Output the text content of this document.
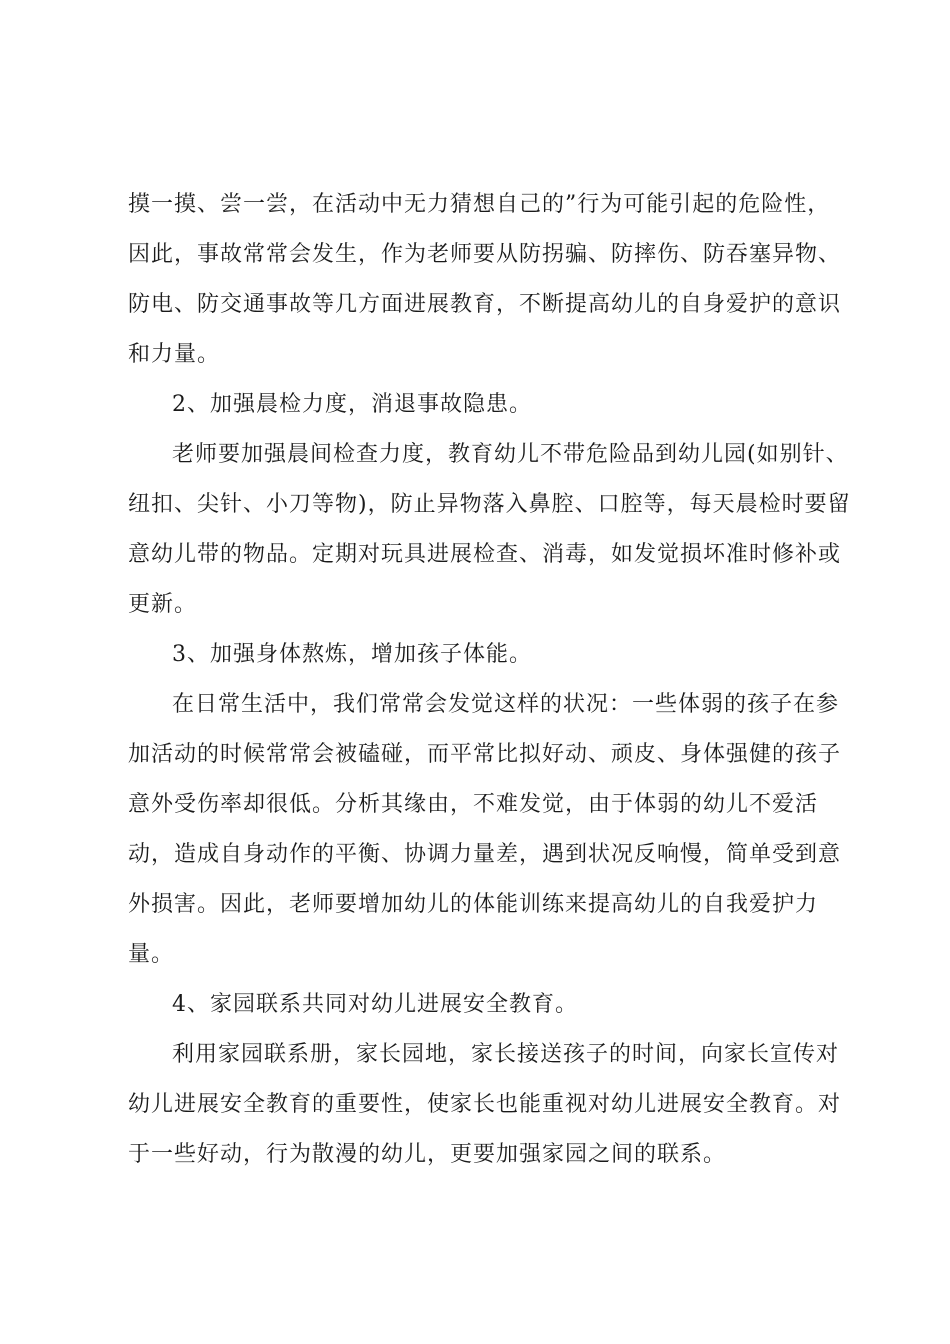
摸一摸、尝一尝，在活动中无力猜想自己的”行为可能引起的危险性，
因此，事故常常会发生，作为老师要从防拐骗、防摔伤、防吞塞异物、
防电、防交通事故等几方面进展教育，不断提高幼儿的自身爱护的意识
和力量。
2、加强晨检力度，消退事故隐患。
老师要加强晨间检查力度，教育幼儿不带危险品到幼儿园(如别针、
纽扣、尖针、小刀等物)，防止异物落入鼻腔、口腔等，每天晨检时要留
意幼儿带的物品。定期对玩具进展检查、消毒，如发觉损坏准时修补或
更新。
3、加强身体熬炼，增加孩子体能。
在日常生活中，我们常常会发觉这样的状况：一些体弱的孩子在参
加活动的时候常常会被磕碰，而平常比拟好动、顽皮、身体强健的孩子
意外受伤率却很低。分析其缘由，不难发觉，由于体弱的幼儿不爱活
动，造成自身动作的平衡、协调力量差，遇到状况反响慢，简单受到意
外损害。因此，老师要增加幼儿的体能训练来提高幼儿的自我爱护力
量。
4、家园联系共同对幼儿进展安全教育。
利用家园联系册，家长园地，家长接送孩子的时间，向家长宣传对
幼儿进展安全教育的重要性，使家长也能重视对幼儿进展安全教育。对
于一些好动，行为散漫的幼儿，更要加强家园之间的联系。
